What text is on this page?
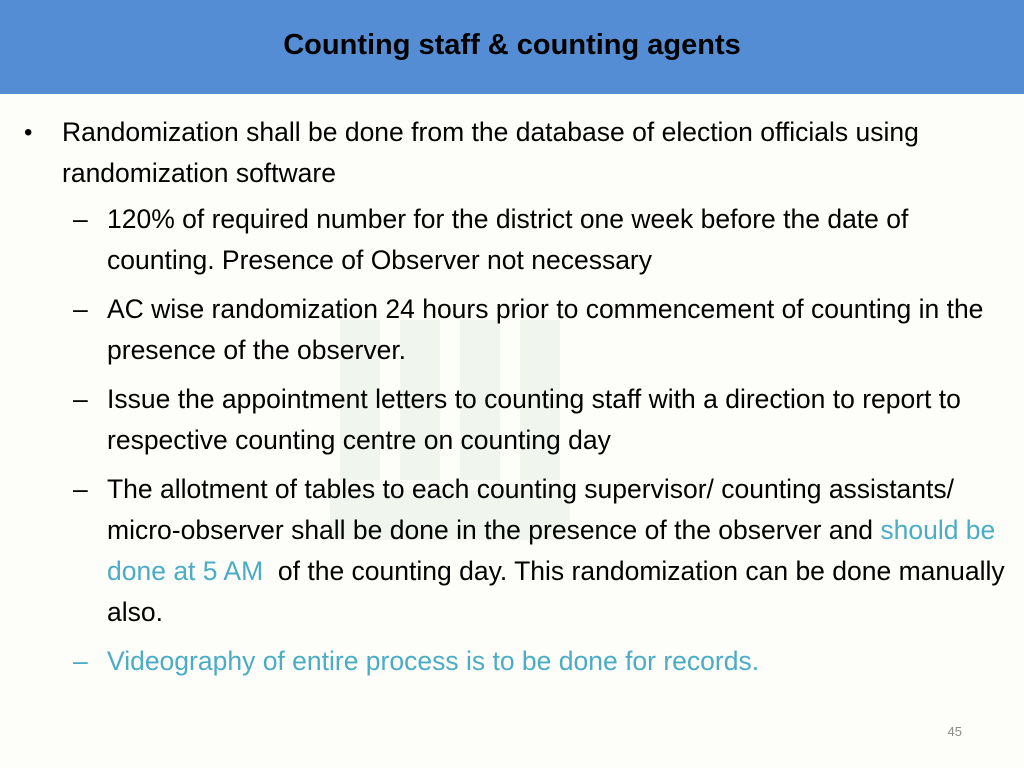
Counting staff & counting agents
• Randomization shall be done from the database of election officials using randomization software
– 120% of required number for the district one week before the date of counting. Presence of Observer not necessary
– AC wise randomization 24 hours prior to commencement of counting in the presence of the observer.
– Issue the appointment letters to counting staff with a direction to report to respective counting centre on counting day
– The allotment of tables to each counting supervisor/ counting assistants/ micro-observer shall be done in the presence of the observer and should be done at 5 AM  of the counting day. This randomization can be done manually also.
– Videography of entire process is to be done for records.
45
